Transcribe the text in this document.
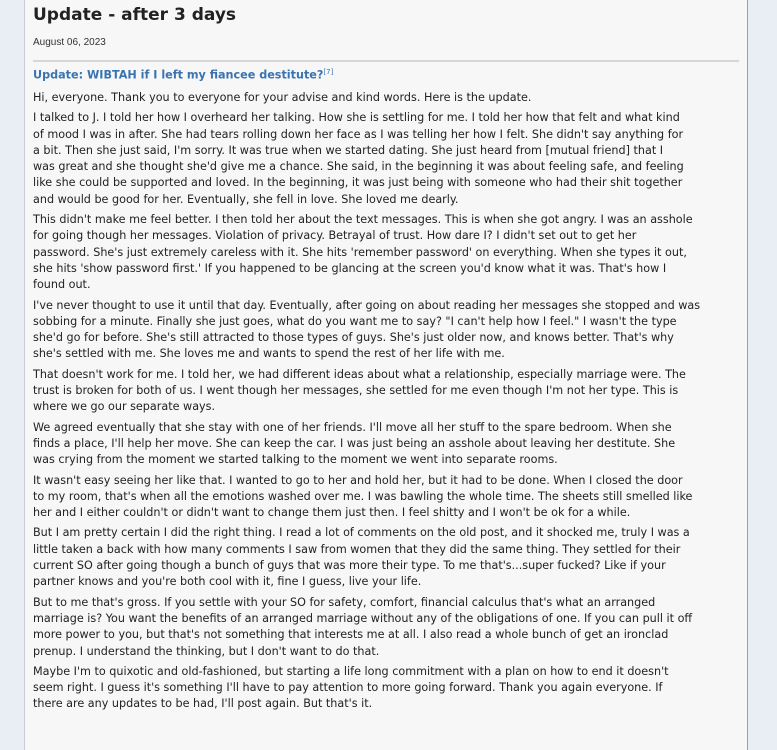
Update - after 3 days
August 06, 2023
Update: WIBTAH if I left my fiancee destitute?[7]

Hi, everyone. Thank you to everyone for your advise and kind words. Here is the update.

I talked to J. I told her how I overheard her talking. How she is settling for me. I told her how that felt and what kind
of mood I was in after. She had tears rolling down her face as I was telling her how I felt. She didn't say anything for
a bit. Then she just said, I'm sorry. It was true when we started dating. She just heard from [mutual friend] that I
was great and she thought she'd give me a chance. She said, in the beginning it was about feeling safe, and feeling
like she could be supported and loved. In the beginning, it was just being with someone who had their shit together
and would be good for her. Eventually, she fell in love. She loved me dearly.

This didn't make me feel better. I then told her about the text messages. This is when she got angry. I was an asshole
for going though her messages. Violation of privacy. Betrayal of trust. How dare I? I didn't set out to get her
password. She's just extremely careless with it. She hits 'remember password' on everything. When she types it out,
she hits 'show password first.' If you happened to be glancing at the screen you'd know what it was. That's how I
found out.

I've never thought to use it until that day. Eventually, after going on about reading her messages she stopped and was
sobbing for a minute. Finally she just goes, what do you want me to say? "I can't help how I feel." I wasn't the type
she'd go for before. She's still attracted to those types of guys. She's just older now, and knows better. That's why
she's settled with me. She loves me and wants to spend the rest of her life with me.

That doesn't work for me. I told her, we had different ideas about what a relationship, especially marriage were. The
trust is broken for both of us. I went though her messages, she settled for me even though I'm not her type. This is
where we go our separate ways.

We agreed eventually that she stay with one of her friends. I'll move all her stuff to the spare bedroom. When she
finds a place, I'll help her move. She can keep the car. I was just being an asshole about leaving her destitute. She
was crying from the moment we started talking to the moment we went into separate rooms.

It wasn't easy seeing her like that. I wanted to go to her and hold her, but it had to be done. When I closed the door
to my room, that's when all the emotions washed over me. I was bawling the whole time. The sheets still smelled like
her and I either couldn't or didn't want to change them just then. I feel shitty and I won't be ok for a while.

But I am pretty certain I did the right thing. I read a lot of comments on the old post, and it shocked me, truly I was a
little taken a back with how many comments I saw from women that they did the same thing. They settled for their
current SO after going though a bunch of guys that was more their type. To me that's...super fucked? Like if your
partner knows and you're both cool with it, fine I guess, live your life.

But to me that's gross. If you settle with your SO for safety, comfort, financial calculus that's what an arranged
marriage is? You want the benefits of an arranged marriage without any of the obligations of one. If you can pull it off
more power to you, but that's not something that interests me at all. I also read a whole bunch of get an ironclad
prenup. I understand the thinking, but I don't want to do that.

Maybe I'm to quixotic and old-fashioned, but starting a life long commitment with a plan on how to end it doesn't
seem right. I guess it's something I'll have to pay attention to more going forward. Thank you again everyone. If
there are any updates to be had, I'll post again. But that's it.
